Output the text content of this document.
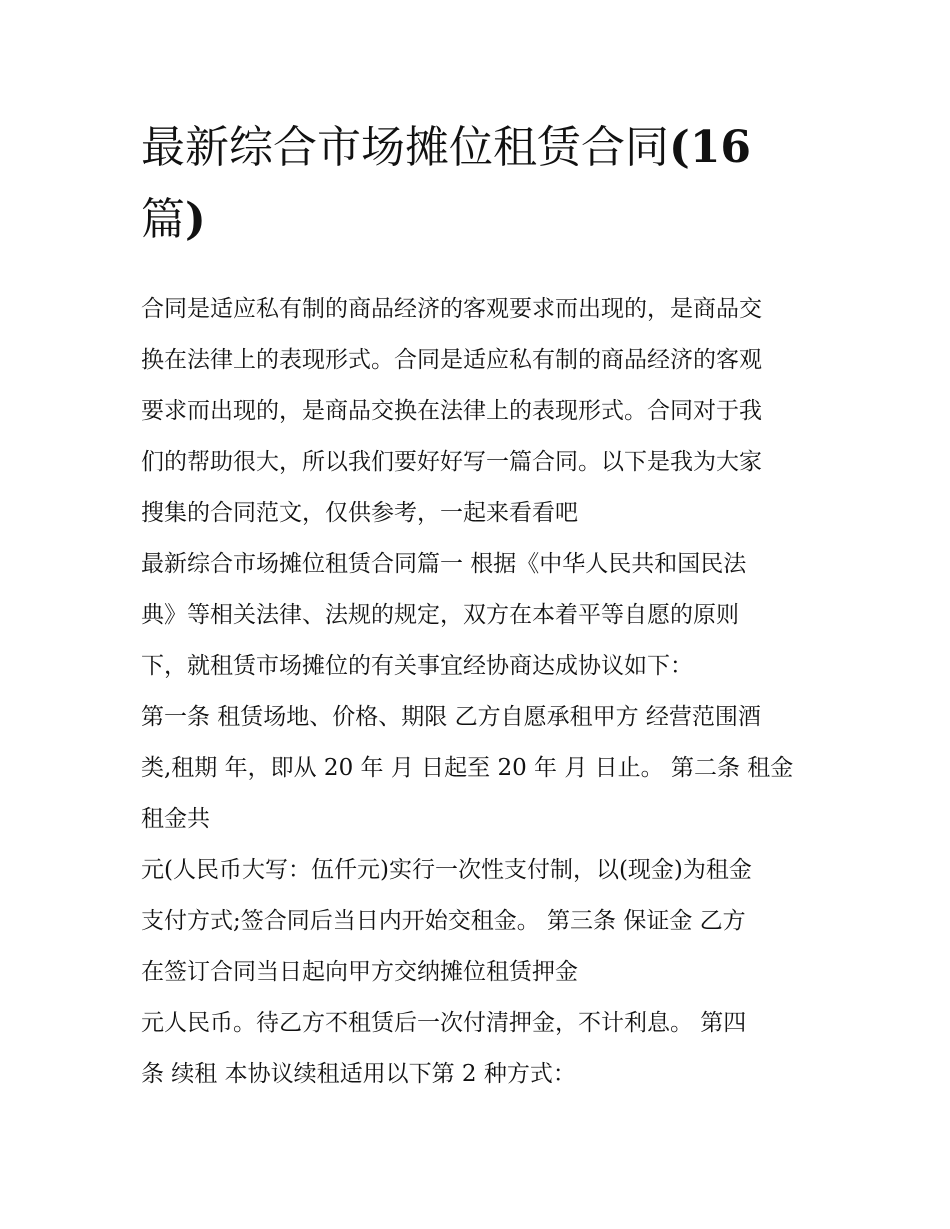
最新综合市场摊位租赁合同(16
篇)

合同是适应私有制的商品经济的客观要求而出现的，是商品交
换在法律上的表现形式。合同是适应私有制的商品经济的客观
要求而出现的，是商品交换在法律上的表现形式。合同对于我
们的帮助很大，所以我们要好好写一篇合同。以下是我为大家
搜集的合同范文，仅供参考，一起来看看吧

最新综合市场摊位租赁合同篇一 根据《中华人民共和国民法
典》等相关法律、法规的规定，双方在本着平等自愿的原则
下，就租赁市场摊位的有关事宜经协商达成协议如下：

第一条 租赁场地、价格、期限 乙方自愿承租甲方 经营范围酒
类,租期 年，即从 20 年 月 日起至 20 年 月 日止。 第二条 租金
租金共

元(人民币大写：伍仟元)实行一次性支付制，以(现金)为租金
支付方式;签合同后当日内开始交租金。 第三条 保证金 乙方
在签订合同当日起向甲方交纳摊位租赁押金

元人民币。待乙方不租赁后一次付清押金，不计利息。 第四
条 续租 本协议续租适用以下第 2 种方式：
